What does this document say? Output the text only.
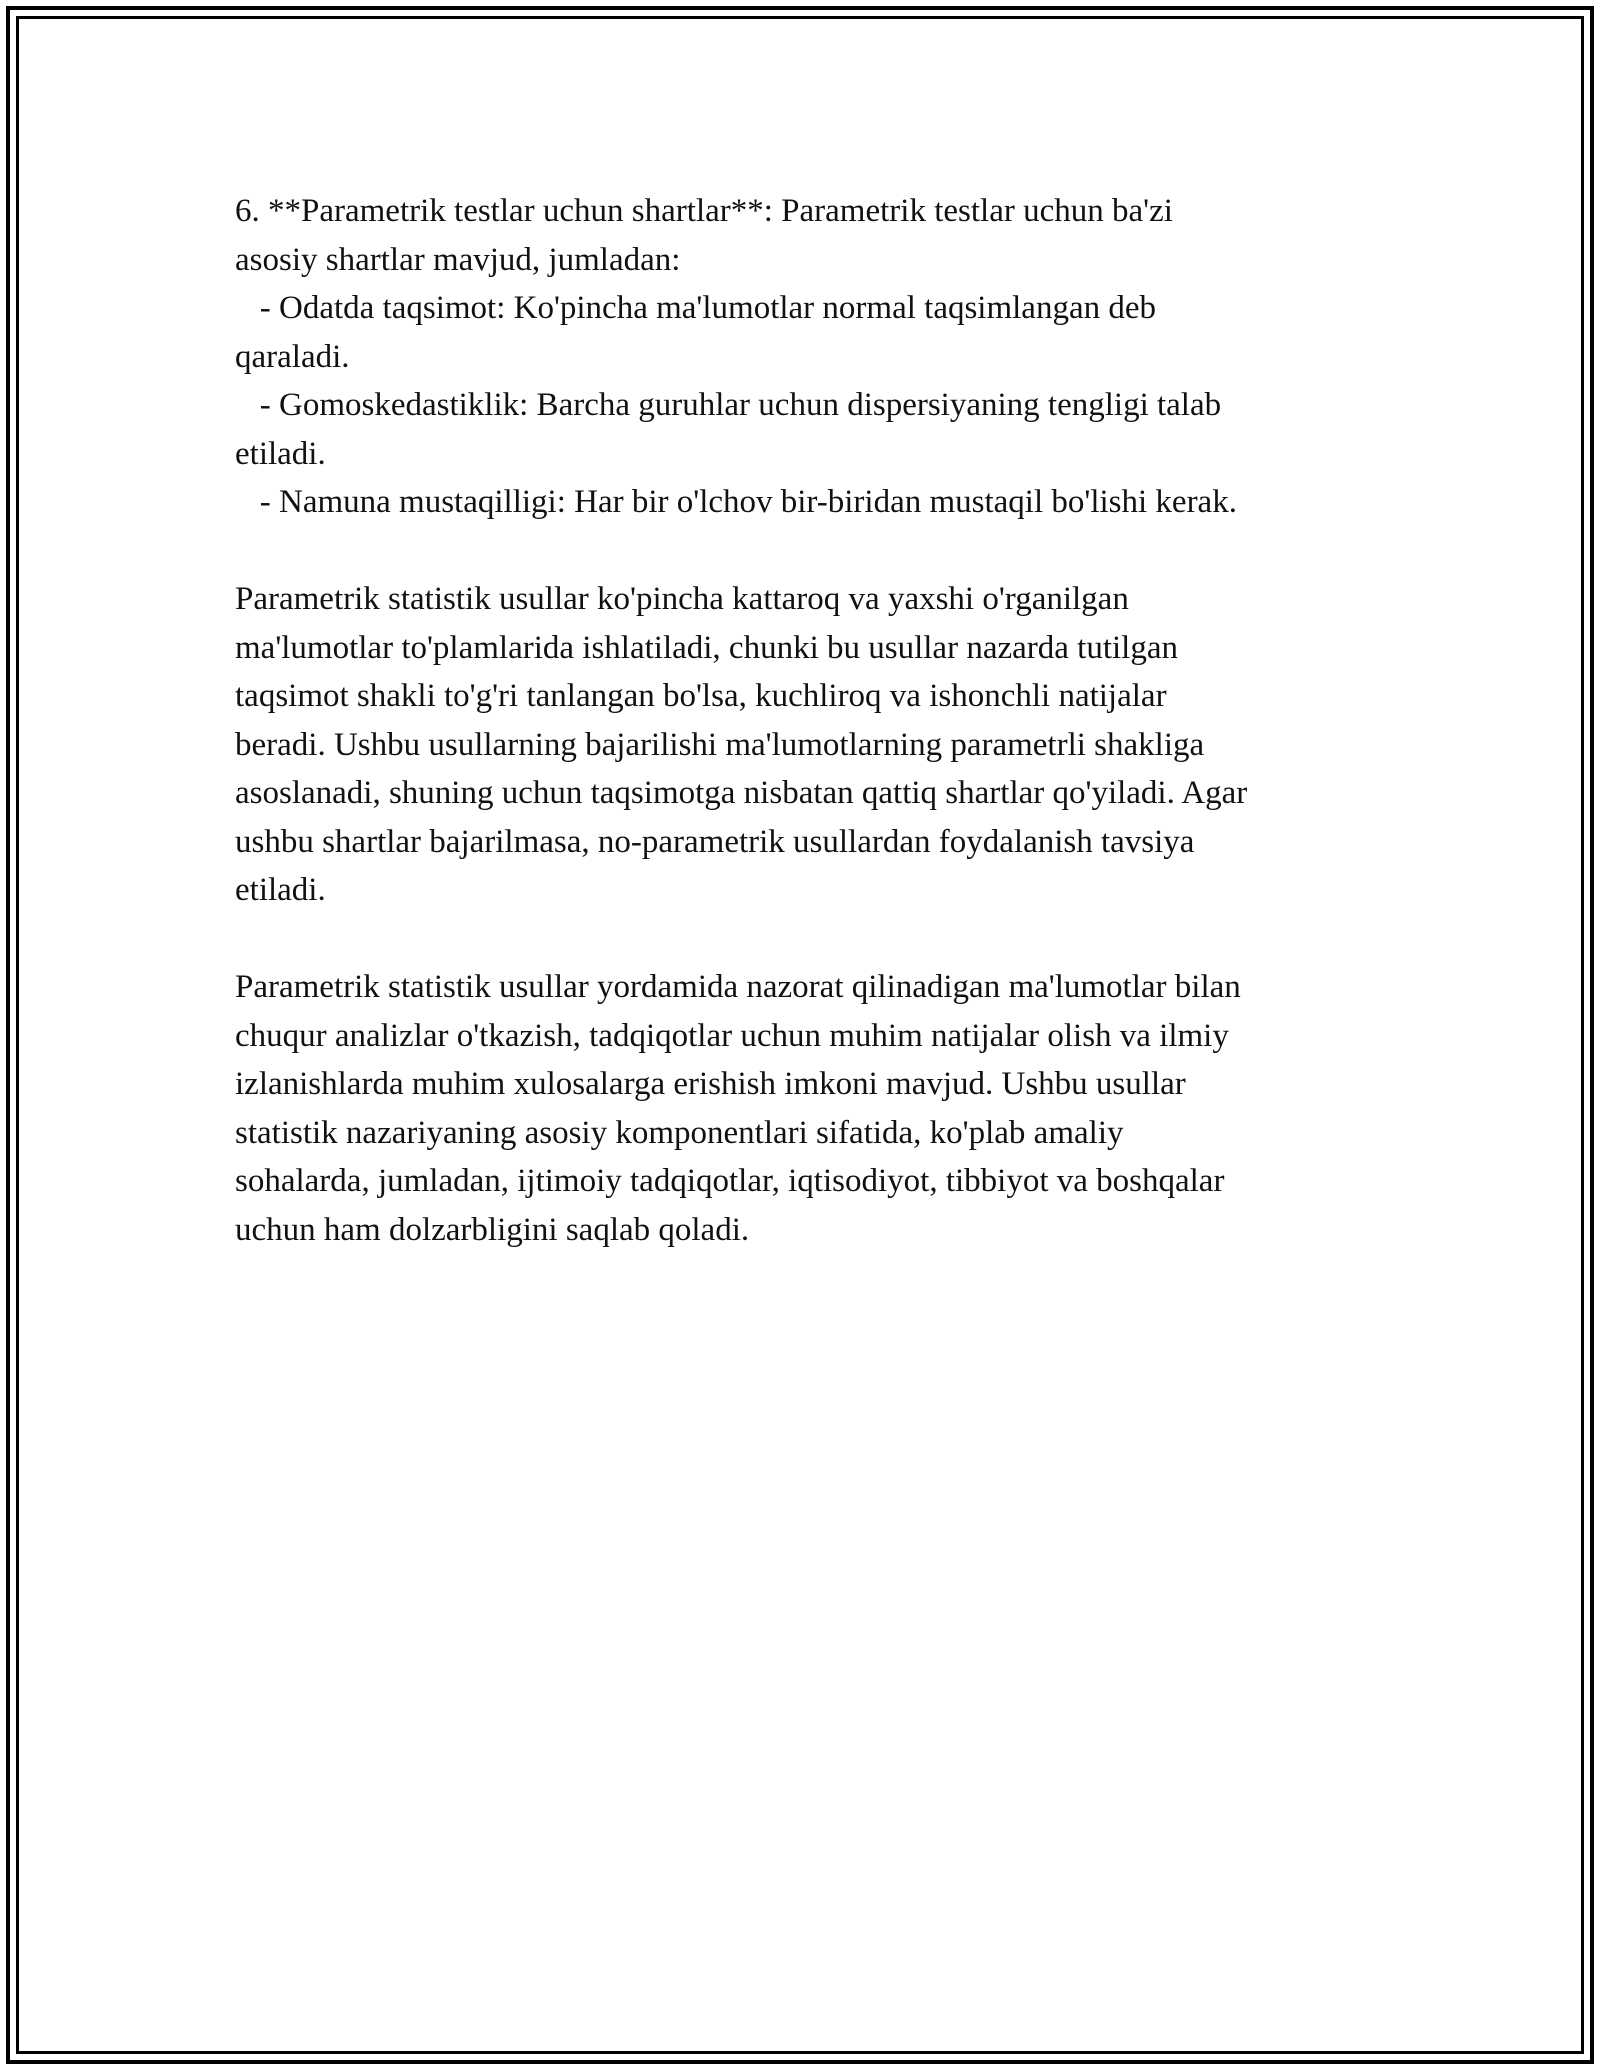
6. **Parametrik testlar uchun shartlar**: Parametrik testlar uchun ba'zi

asosiy shartlar mavjud, jumladan:

- Odatda taqsimot: Ko'pincha ma'lumotlar normal taqsimlangan deb

qaraladi.

- Gomoskedastiklik: Barcha guruhlar uchun dispersiyaning tengligi talab

etiladi.

- Namuna mustaqilligi: Har bir o'lchov bir-biridan mustaqil bo'lishi kerak.

Parametrik statistik usullar ko'pincha kattaroq va yaxshi o'rganilgan

ma'lumotlar to'plamlarida ishlatiladi, chunki bu usullar nazarda tutilgan

taqsimot shakli to'g'ri tanlangan bo'lsa, kuchliroq va ishonchli natijalar

beradi. Ushbu usullarning bajarilishi ma'lumotlarning parametrli shakliga

asoslanadi, shuning uchun taqsimotga nisbatan qattiq shartlar qo'yiladi. Agar

ushbu shartlar bajarilmasa, no-parametrik usullardan foydalanish tavsiya

etiladi.

Parametrik statistik usullar yordamida nazorat qilinadigan ma'lumotlar bilan

chuqur analizlar o'tkazish, tadqiqotlar uchun muhim natijalar olish va ilmiy

izlanishlarda muhim xulosalarga erishish imkoni mavjud. Ushbu usullar

statistik nazariyaning asosiy komponentlari sifatida, ko'plab amaliy

sohalarda, jumladan, ijtimoiy tadqiqotlar, iqtisodiyot, tibbiyot va boshqalar

uchun ham dolzarbligini saqlab qoladi.
